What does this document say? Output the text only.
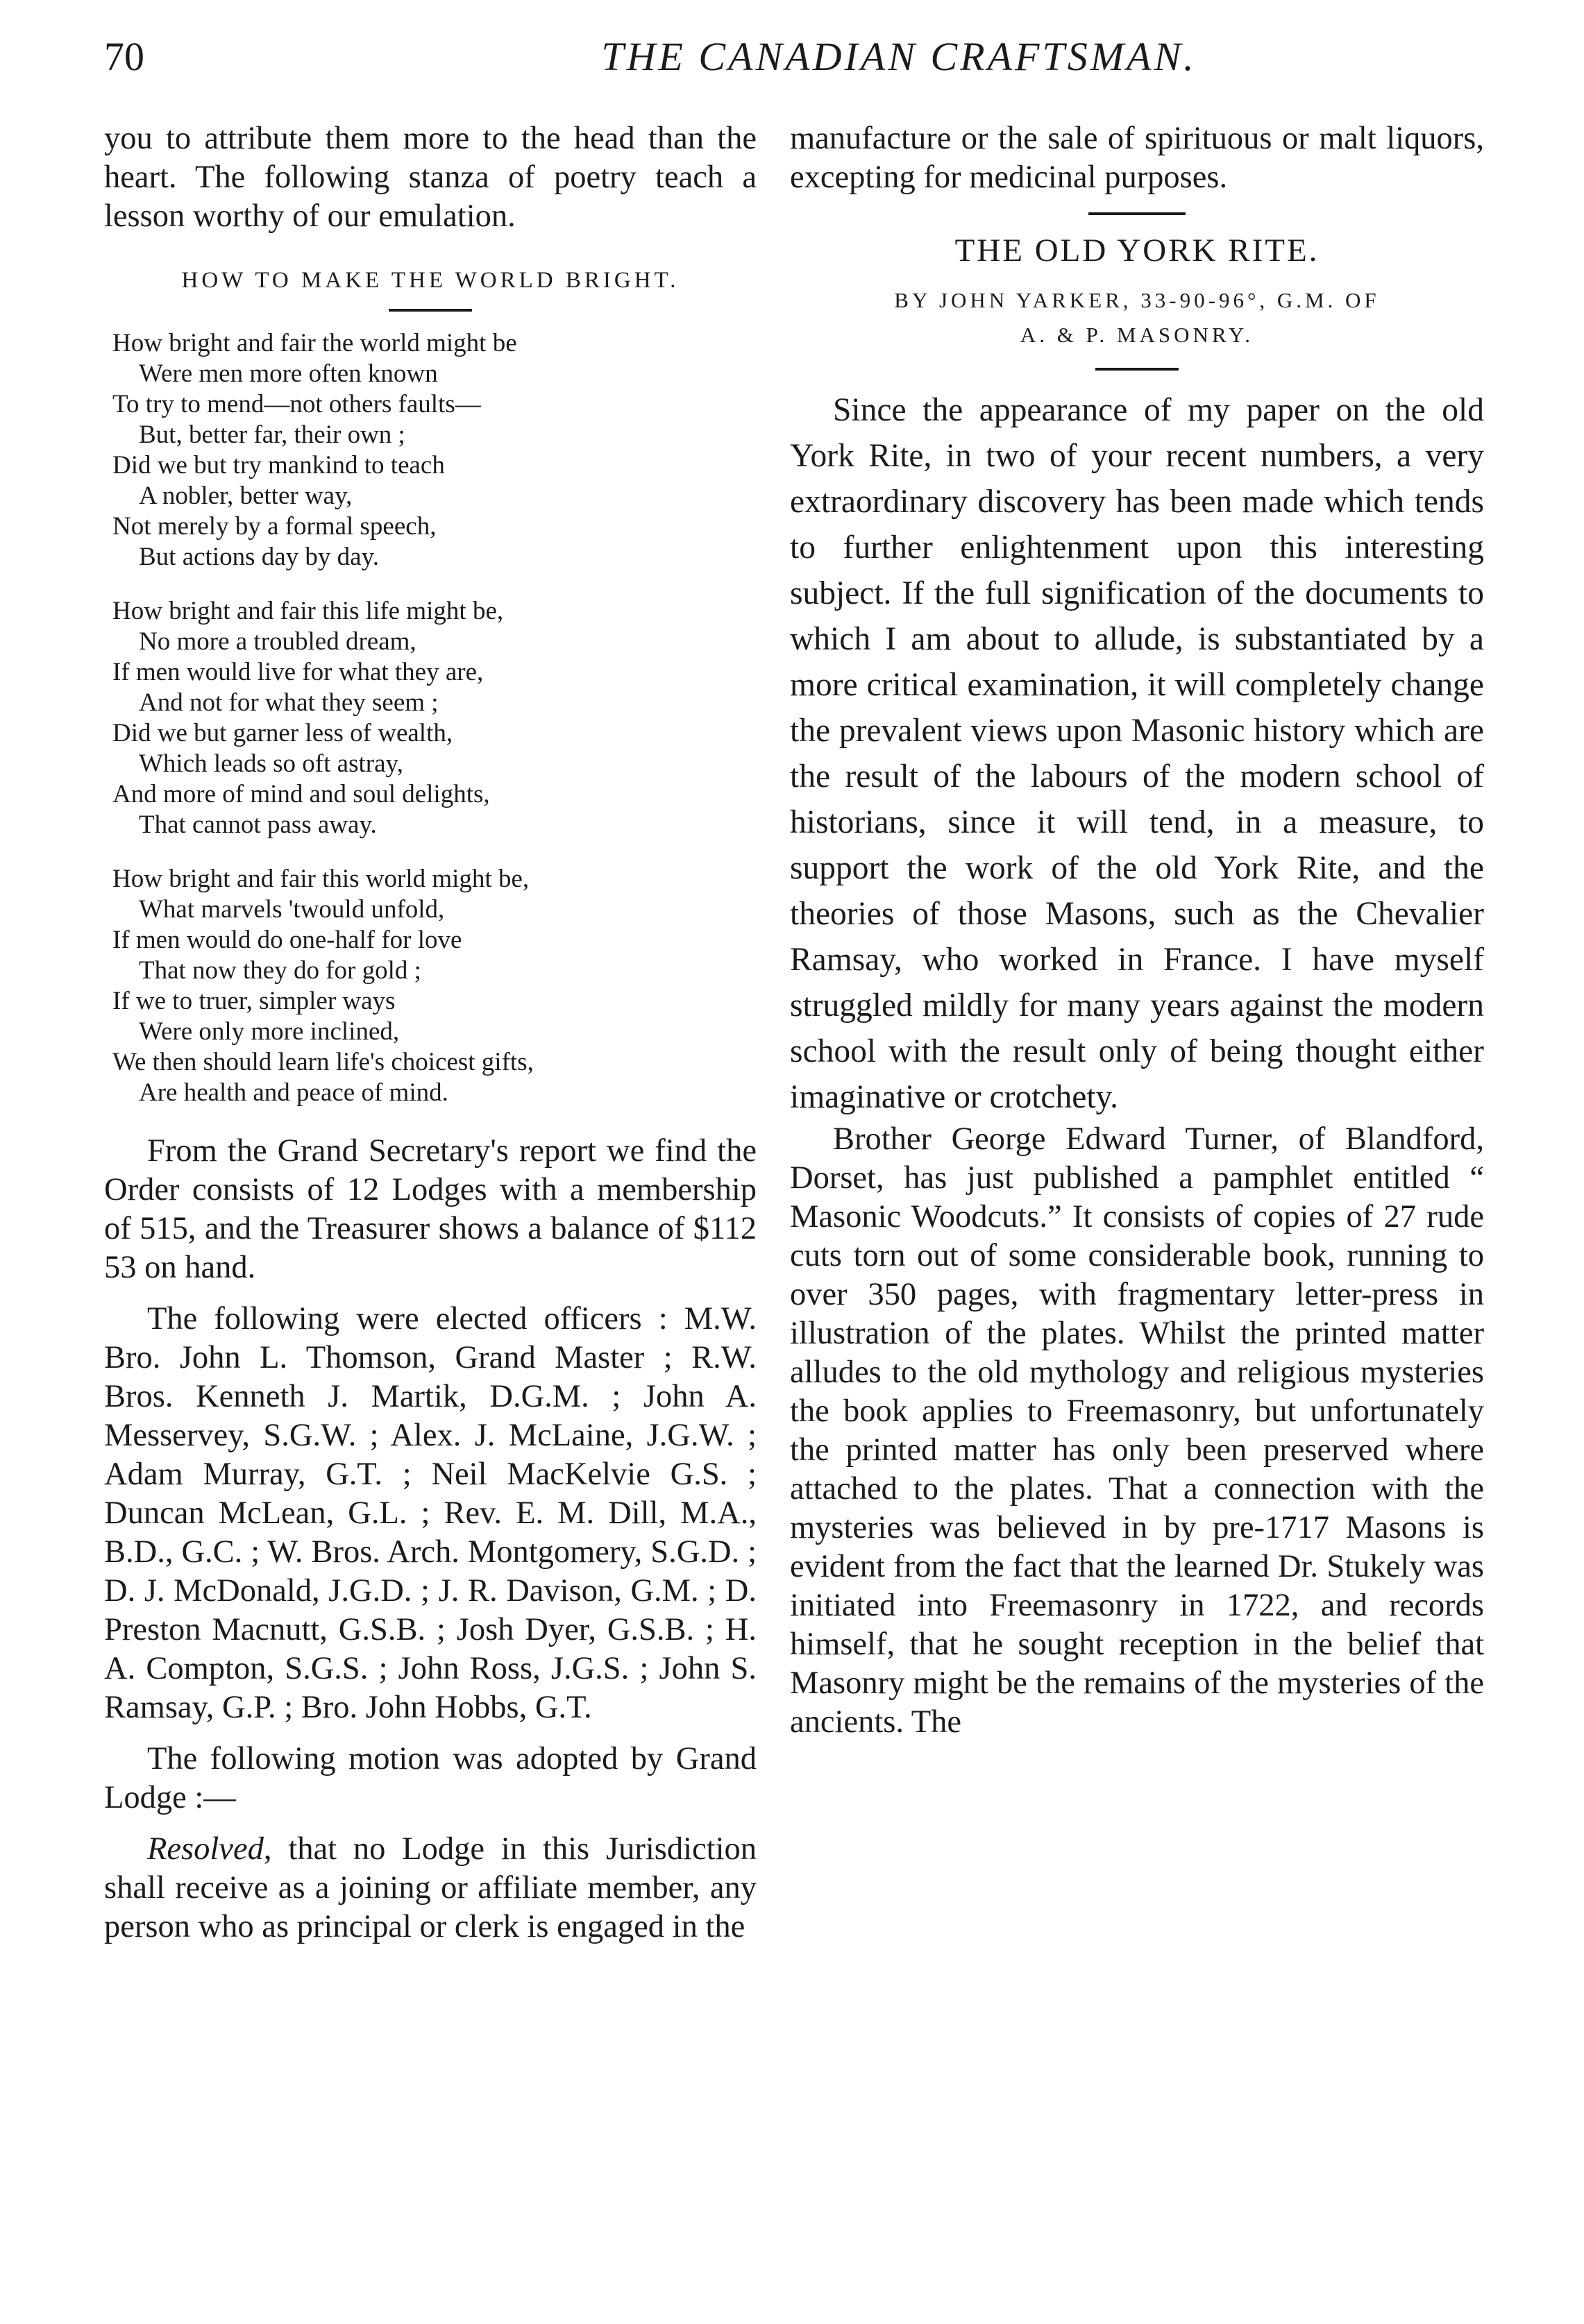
70	THE CANADIAN CRAFTSMAN.

you to attribute them more to the head than the heart. The following stanza of poetry teach a lesson worthy of our emulation.

HOW TO MAKE THE WORLD BRIGHT.
How bright and fair the world might be
Were men more often known
To try to mend—not others faults—
But, better far, their own ;
Did we but try mankind to teach
A nobler, better way,
Not merely by a formal speech,
But actions day by day.
How bright and fair this life might be,
No more a troubled dream,
If men would live for what they are,
And not for what they seem ;
Did we but garner less of wealth,
Which leads so oft astray,
And more of mind and soul delights,
That cannot pass away.
How bright and fair this world might be,
What marvels 'twould unfold,
If men would do one-half for love
That now they do for gold ;
If we to truer, simpler ways
Were only more inclined,
We then should learn life's choicest gifts,
Are health and peace of mind.

From the Grand Secretary's report we find the Order consists of 12 Lodges with a membership of 515, and the Treasurer shows a balance of $112 53 on hand.

The following were elected officers : M.W. Bro. John L. Thomson, Grand Master ; R.W. Bros. Kenneth J. Martik, D.G.M. ; John A. Messervey, S.G.W. ; Alex. J. McLaine, J.G.W. ; Adam Murray, G.T. ; Neil MacKelvie G.S. ; Duncan McLean, G.L. ; Rev. E. M. Dill, M.A., B.D., G.C. ; W. Bros. Arch. Montgomery, S.G.D. ; D. J. McDonald, J.G.D. ; J. R. Davison, G.M. ; D. Preston Macnutt, G.S.B. ; Josh Dyer, G.S.B. ; H. A. Compton, S.G.S. ; John Ross, J.G.S. ; John S. Ramsay, G.P. ; Bro. John Hobbs, G.T.

The following motion was adopted by Grand Lodge :—

Resolved, that no Lodge in this Jurisdiction shall receive as a joining or affiliate member, any person who as principal or clerk is engaged in the

manufacture or the sale of spirituous or malt liquors, excepting for medicinal purposes.

THE OLD YORK RITE.
BY JOHN YARKER, 33-90-96°, G.M. OF
A. & P. MASONRY.

Since the appearance of my paper on the old York Rite, in two of your recent numbers, a very extraordinary discovery has been made which tends to further enlightenment upon this interesting subject. If the full signification of the documents to which I am about to allude, is substantiated by a more critical examination, it will completely change the prevalent views upon Masonic history which are the result of the labours of the modern school of historians, since it will tend, in a measure, to support the work of the old York Rite, and the theories of those Masons, such as the Chevalier Ramsay, who worked in France. I have myself struggled mildly for many years against the modern school with the result only of being thought either imaginative or crotchety.

Brother George Edward Turner, of Blandford, Dorset, has just published a pamphlet entitled “ Masonic Woodcuts.” It consists of copies of 27 rude cuts torn out of some considerable book, running to over 350 pages, with fragmentary letter-press in illustration of the plates. Whilst the printed matter alludes to the old mythology and religious mysteries the book applies to Freemasonry, but unfortunately the printed matter has only been preserved where attached to the plates. That a connection with the mysteries was believed in by pre-1717 Masons is evident from the fact that the learned Dr. Stukely was initiated into Freemasonry in 1722, and records himself, that he sought reception in the belief that Masonry might be the remains of the mysteries of the ancients. The
